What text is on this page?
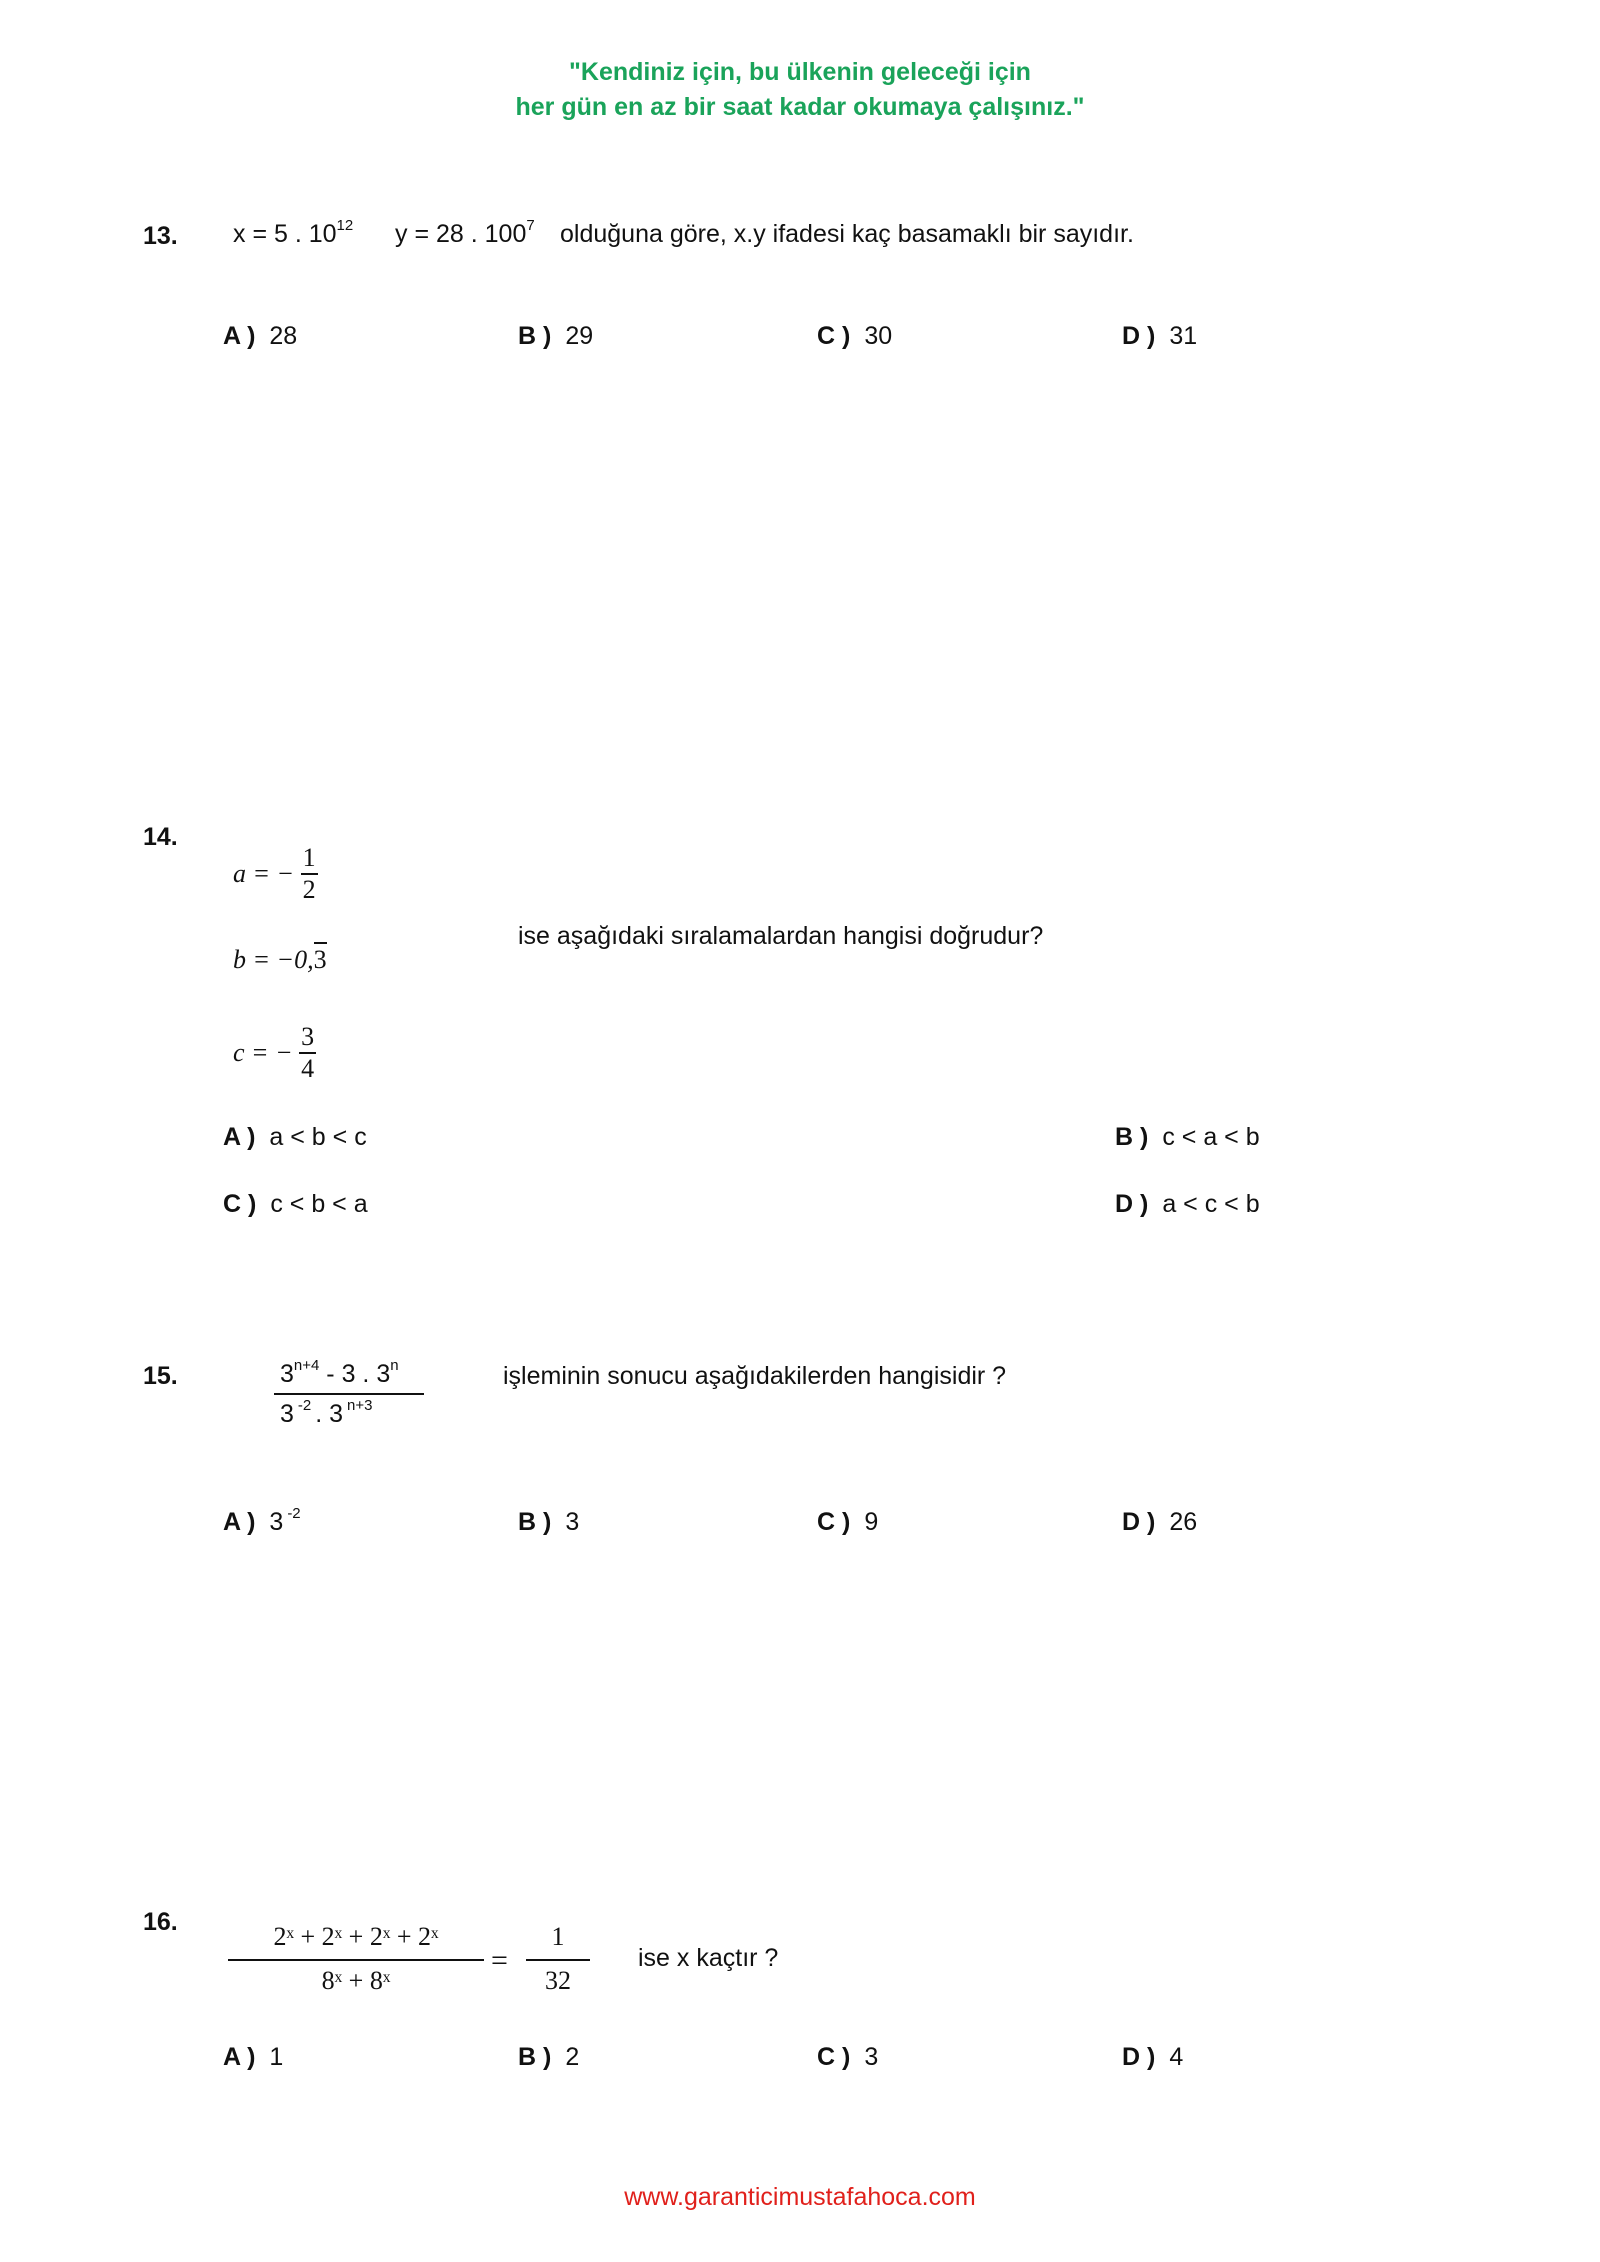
"Kendiniz için, bu ülkenin geleceği için
her gün en az bir saat kadar okumaya çalışınız."
13. x = 5 . $10^{12}$ y = 28 . $100^7$ olduğuna göre, x.y ifadesi kaç basamaklı bir sayıdır.
A ) 28	B ) 29	C ) 30	D ) 31
14.
a = − $\frac{1}{2}$
b = −0,3
c = − $\frac{3}{4}$
ise aşağıdaki sıralamalardan hangisi doğrudur?
A ) a < b < c	B ) c < a < b
C ) c < b < a	D ) a < c < b
15.	$3^{n+4} - 3$ . 3$^n$
3 $^{-2}$ . 3 $^{n+3}$
işleminin sonucu aşağıdakilerden hangisidir ?
A ) 3 $^{-2}$	B ) 3	C ) 9	D ) 26
16.	2ˣ + 2ˣ + 2ˣ + 2ˣ
8ˣ + 8ˣ
=
1
32
ise x kaçtır ?
A ) 1	B ) 2	C ) 3	D ) 4
www.garanticimustafahoca.com
